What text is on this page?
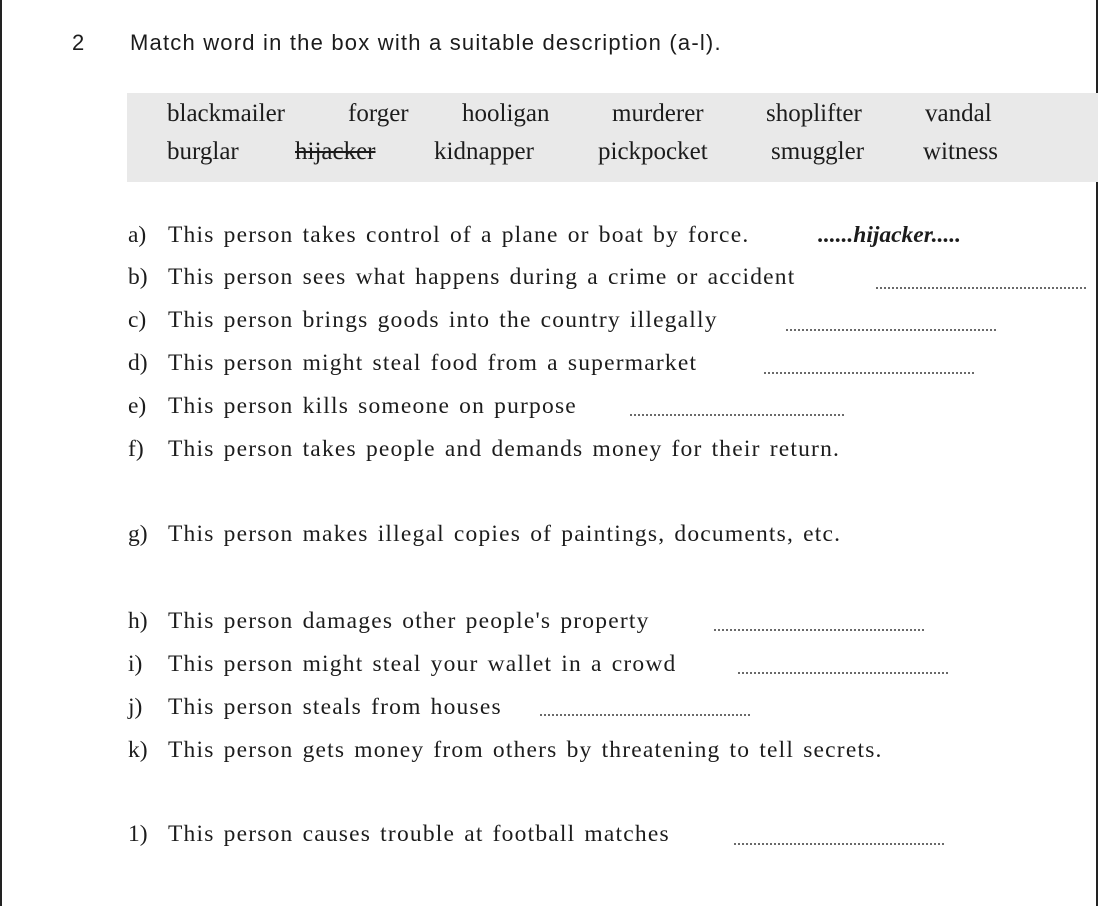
2 Match word in the box with a suitable description (a-l).
blackmailer	forger hooligan	murderer shoplifter	vandal
burglar hijacker kidnapper	pickpocket	smuggler witness
a) This person takes control of a plane or boat by force.	......hijacker.....
b) This person sees what happens during a crime or accident
c) This person brings goods into the country illegally
d) This person might steal food from a supermarket
e) This person kills someone on purpose
f) This person takes people and demands money for their return.
g) This person makes illegal copies of paintings, documents, etc.
h) This person damages other people's property
i) This person might steal your wallet in a crowd
j) This person steals from houses
k) This person gets money from others by threatening to tell secrets.
1) This person causes trouble at football matches
